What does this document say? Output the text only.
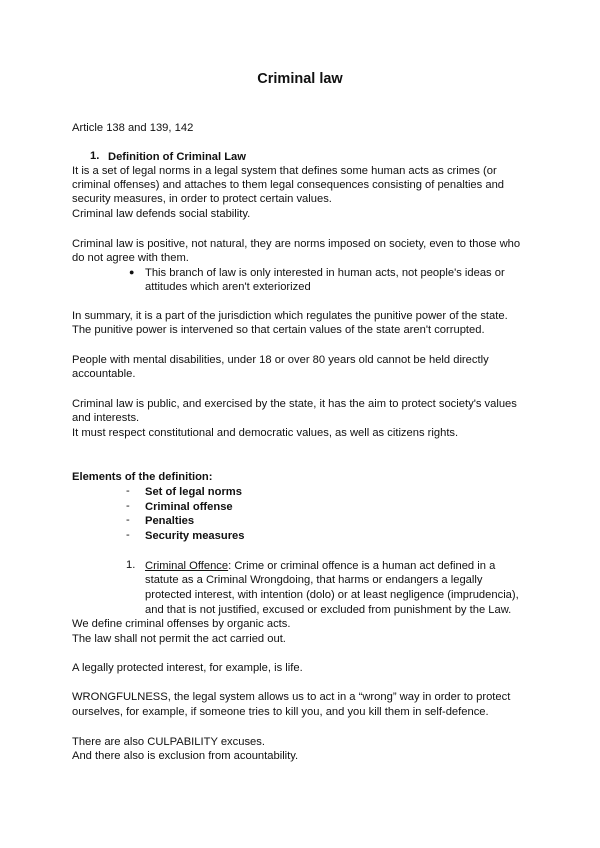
Criminal law
Article 138 and 139, 142
1. Definition of Criminal Law
It is a set of legal norms in a legal system that defines some human acts as crimes (or
criminal offenses) and attaches to them legal consequences consisting of penalties and
security measures, in order to protect certain values.
Criminal law defends social stability.
Criminal law is positive, not natural, they are norms imposed on society, even to those who
do not agree with them.
● This branch of law is only interested in human acts, not people's ideas or
attitudes which aren't exteriorized
In summary, it is a part of the jurisdiction which regulates the punitive power of the state.
The punitive power is intervened so that certain values of the state aren't corrupted.
People with mental disabilities, under 18 or over 80 years old cannot be held directly
accountable.
Criminal law is public, and exercised by the state, it has the aim to protect society's values
and interests.
It must respect constitutional and democratic values, as well as citizens rights.
Elements of the definition:
- Set of legal norms
- Criminal offense
- Penalties
- Security measures
1. Criminal Offence: Crime or criminal offence is a human act defined in a
statute as a Criminal Wrongdoing, that harms or endangers a legally
protected interest, with intention (dolo) or at least negligence (imprudencia),
and that is not justified, excused or excluded from punishment by the Law.
We define criminal offenses by organic acts.
The law shall not permit the act carried out.
A legally protected interest, for example, is life.
WRONGFULNESS, the legal system allows us to act in a “wrong” way in order to protect
ourselves, for example, if someone tries to kill you, and you kill them in self-defence.
There are also CULPABILITY excuses.
And there also is exclusion from acountability.
